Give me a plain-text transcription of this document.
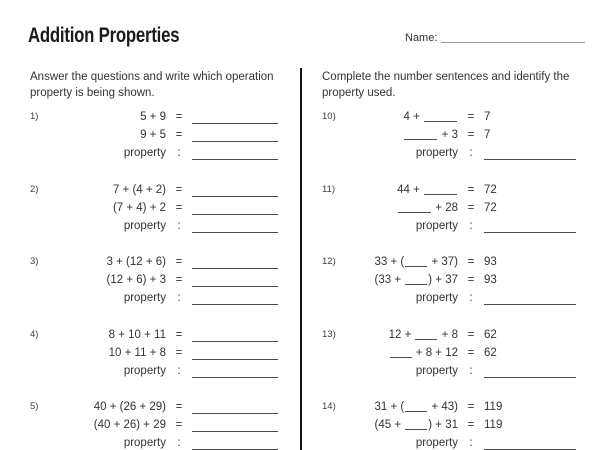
Addition Properties	Name:

Answer the questions and write which operation property is being shown.

1)	5 + 9 =
9 + 5 =
property :
2)	7 + (4 + 2) =
(7 + 4) + 2 =
property :
3)	3 + (12 + 6) =
(12 + 6) + 3 =
property :
4)	8 + 10 + 11 =
10 + 11 + 8 =
property :
5)	40 + (26 + 29) =
(40 + 26) + 29 =
property :

Complete the number sentences and identify the property used.

10)	4 +	= 7
+ 3 = 7
property :
11)	44 +	= 72
+ 28 = 72
property :
12)	33 + ( + 37) = 93
(33 + ) + 37 = 93
property :
13)	12 +  + 8 = 62
+ 8 + 12 = 62
property :
14)	31 + ( + 43) = 119
(45 + ) + 31 = 119
property :
